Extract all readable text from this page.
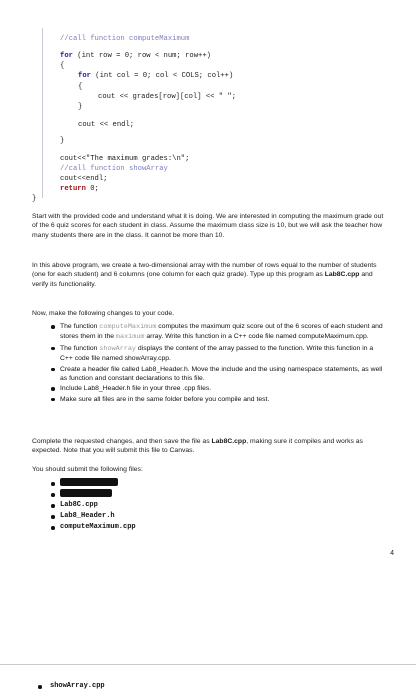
//call function computeMaximum
for (int row = 0; row < num; row++)
{
for (int col = 0; col < COLS; col++)
{
cout << grades[row][col] << " ";
}
cout << endl;
}
cout<<"The maximum grades:\n";
//call function showArray
cout<<endl;
return 0;
}
Start with the provided code and understand what it is doing. We are interested in computing the maximum grade out of the 6 quiz scores for each student in class. Assume the maximum class size is 10, but we will ask the teacher how many students there are in the class. It cannot be more than 10.
In this above program, we create a two-dimensional array with the number of rows equal to the number of students (one for each student) and 6 columns (one column for each quiz grade). Type up this program as Lab8C.cpp and verify its functionality.
Now, make the following changes to your code.
The function computeMaximum computes the maximum quiz score out of the 6 scores of each student and stores them in the maximum array. Write this function in a C++ code file named computeMaximum.cpp.
The function showArray displays the content of the array passed to the function. Write this function in a C++ code file named showArray.cpp.
Create a header file called Lab8_Header.h. Move the include and the using namespace statements, as well as function and constant declarations to this file.
Include Lab8_Header.h file in your three .cpp files.
Make sure all files are in the same folder before you compile and test.
Complete the requested changes, and then save the file as Lab8C.cpp, making sure it compiles and works as expected. Note that you will submit this file to Canvas.
You should submit the following files:
Lab8C.cpp
Lab8_Header.h
computeMaximum.cpp
4
showArray.cpp
